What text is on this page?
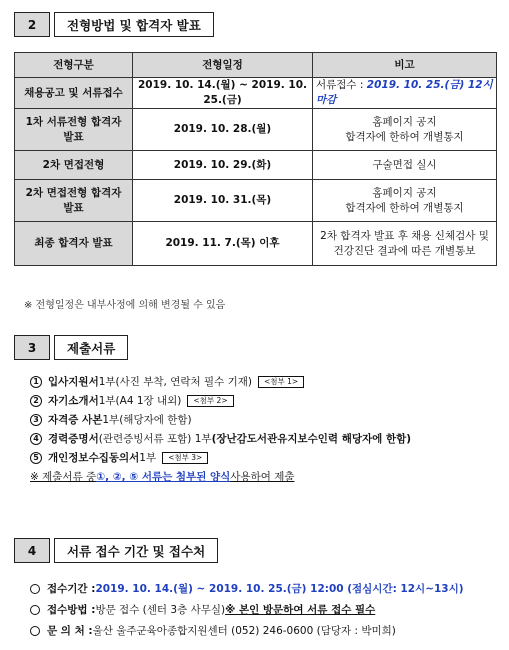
2	전형방법 및 합격자 발표
전형구분	전형일정	비고
채용공고 및 서류접수	2019. 10. 14.(월) ~ 2019. 10. 25.(금)	서류접수 : 2019. 10. 25.(금) 12시 마감
1차 서류전형 합격자 발표	2019. 10. 28.(월)	홈페이지 공지
합격자에 한하여 개별통지

2차 면접전형	2019. 10. 29.(화)	구술면접 실시
2차 면접전형 합격자 발표	2019. 10. 31.(목)	홈페이지 공지
합격자에 한하여 개별통지

최종 합격자 발표	2019. 11. 7.(목) 이후	2차 합격자 발표 후 채용 신체검사 및
건강진단 결과에 따른 개별통보
※ 전형일정은 내부사정에 의해 변경될 수 있음
3	제출서류
1 입사지원서 1부(사진 부착, 연락처 필수 기재)	<첨부 1>
2 자기소개서 1부(A4 1장 내외)	<첨부 2>
3 자격증 사본 1부(해당자에 한함)
4 경력증명서 (관련증빙서류 포함) 1부 (장난감도서관유지보수인력 해당자에 한함)
5 개인정보수집동의서 1부	<첨부 3>
※ 제출서류 중 ①, ②, ⑤ 서류는 첨부된 양식 사용하여 제출
4	서류 접수 기간 및 접수처
접수기간 : 2019. 10. 14.(월) ~ 2019. 10. 25.(금) 12:00 (점심시간: 12시~13시)
접수방법 : 방문 접수 (센터 3층 사무실) ※ 본인 방문하여 서류 접수 필수
문 의 처 : 울산 울주군육아종합지원센터 (052) 246-0600 (담당자 : 박미희)
